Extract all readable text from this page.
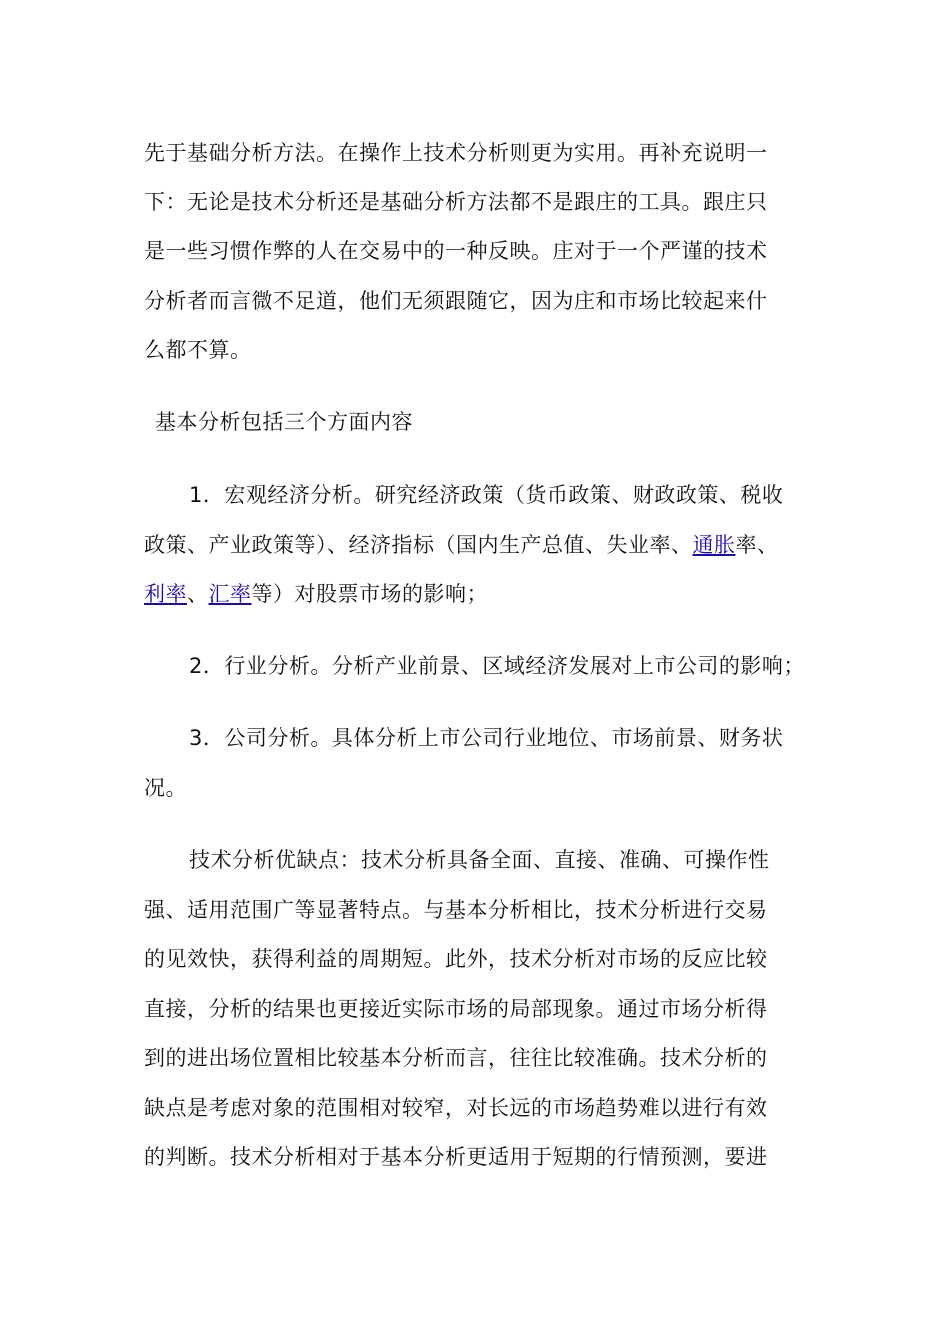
先于基础分析方法。在操作上技术分析则更为实用。再补充说明一
下：无论是技术分析还是基础分析方法都不是跟庄的工具。跟庄只
是一些习惯作弊的人在交易中的一种反映。庄对于一个严谨的技术
分析者而言微不足道，他们无须跟随它，因为庄和市场比较起来什
么都不算。
基本分析包括三个方面内容
1．宏观经济分析。研究经济政策（货币政策、财政政策、税收
政策、产业政策等）、经济指标（国内生产总值、失业率、通胀率、
利率、汇率等）对股票市场的影响；
2．行业分析。分析产业前景、区域经济发展对上市公司的影响；
3．公司分析。具体分析上市公司行业地位、市场前景、财务状
况。
技术分析优缺点：技术分析具备全面、直接、准确、可操作性
强、适用范围广等显著特点。与基本分析相比，技术分析进行交易
的见效快，获得利益的周期短。此外，技术分析对市场的反应比较
直接，分析的结果也更接近实际市场的局部现象。通过市场分析得
到的进出场位置相比较基本分析而言，往往比较准确。技术分析的
缺点是考虑对象的范围相对较窄，对长远的市场趋势难以进行有效
的判断。技术分析相对于基本分析更适用于短期的行情预测，要进
